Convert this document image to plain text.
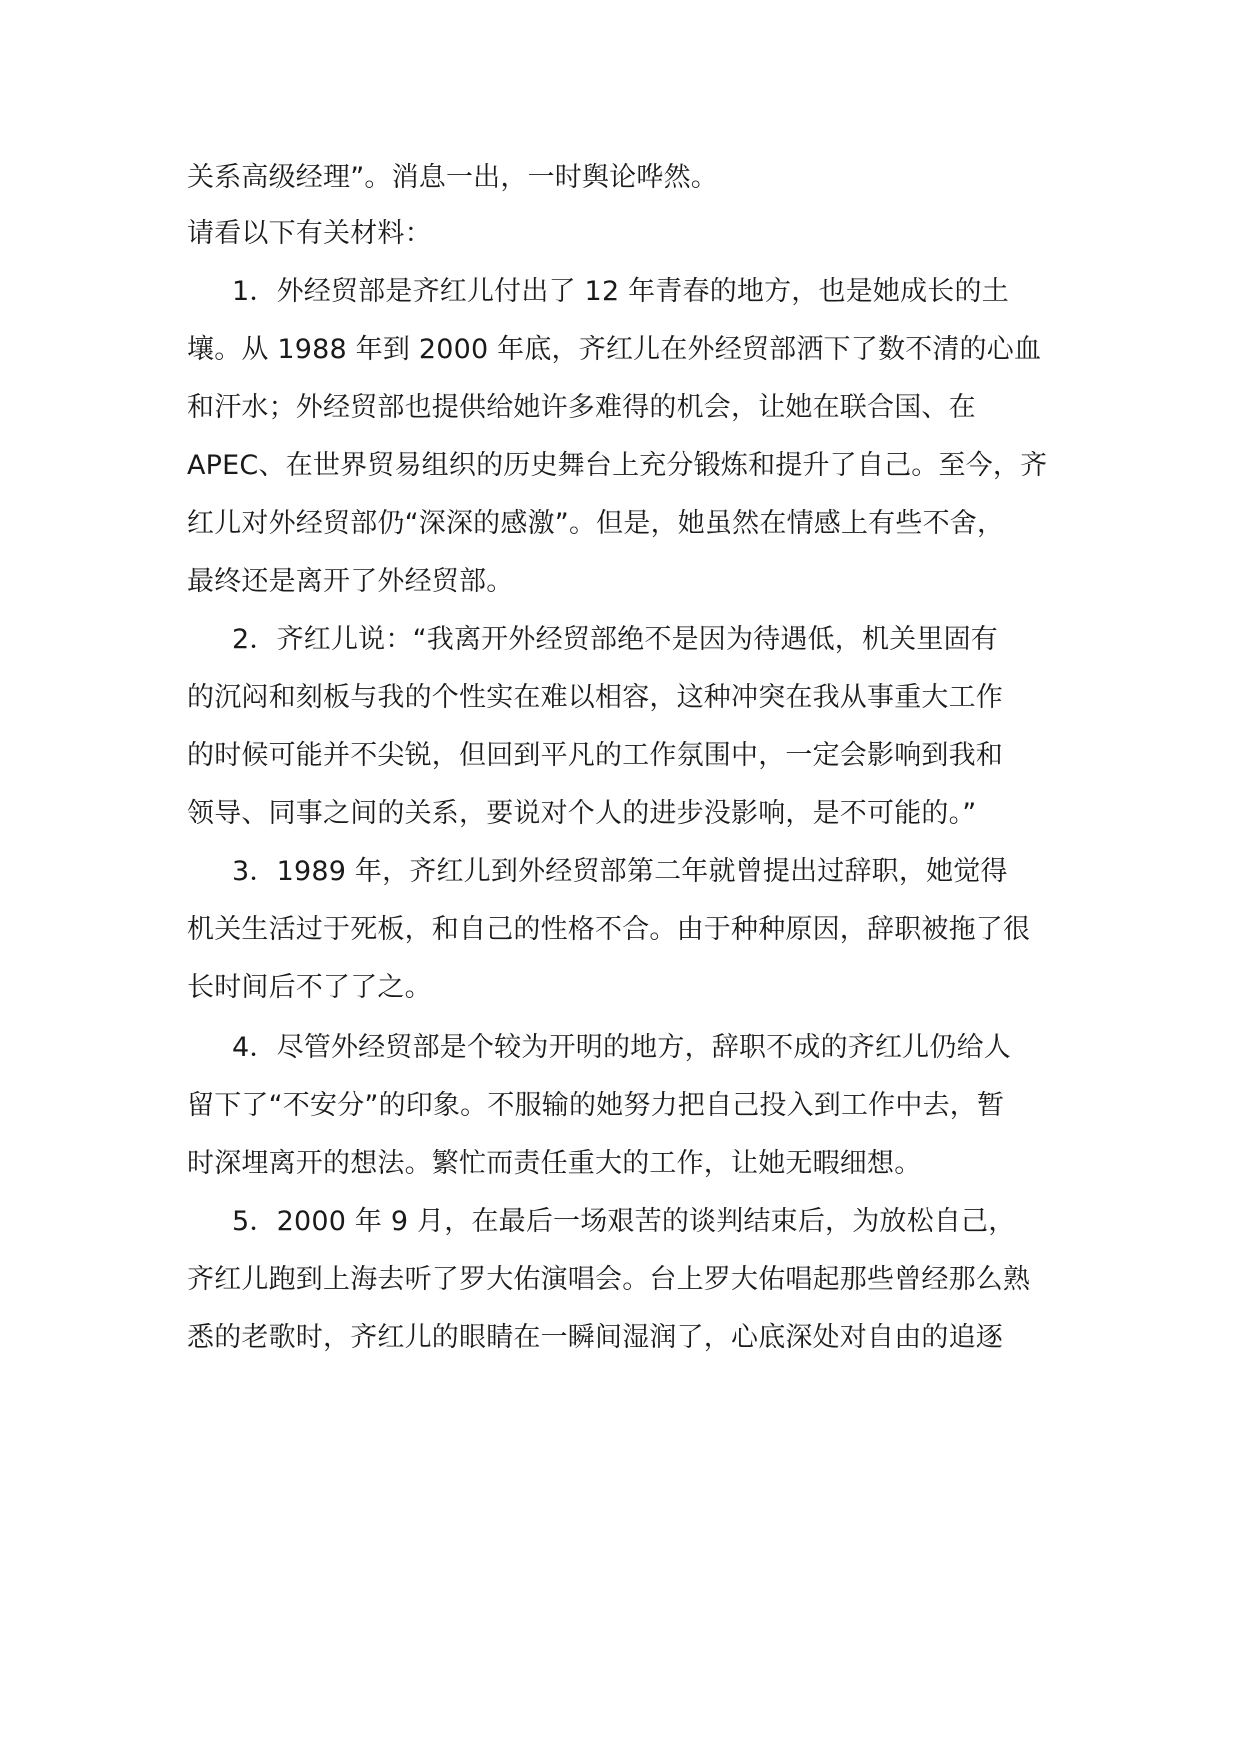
关系高级经理”。消息一出，一时舆论哗然。
请看以下有关材料：
1．外经贸部是齐红儿付出了 12 年青春的地方，也是她成长的土
壤。从 1988 年到 2000 年底，齐红儿在外经贸部洒下了数不清的心血
和汗水；外经贸部也提供给她许多难得的机会，让她在联合国、在
APEC、在世界贸易组织的历史舞台上充分锻炼和提升了自己。至今，齐
红儿对外经贸部仍“深深的感激”。但是，她虽然在情感上有些不舍，
最终还是离开了外经贸部。
2．齐红儿说：“我离开外经贸部绝不是因为待遇低，机关里固有
的沉闷和刻板与我的个性实在难以相容，这种冲突在我从事重大工作
的时候可能并不尖锐，但回到平凡的工作氛围中，一定会影响到我和
领导、同事之间的关系，要说对个人的进步没影响，是不可能的。”
3．1989 年，齐红儿到外经贸部第二年就曾提出过辞职，她觉得
机关生活过于死板，和自己的性格不合。由于种种原因，辞职被拖了很
长时间后不了了之。
4．尽管外经贸部是个较为开明的地方，辞职不成的齐红儿仍给人
留下了“不安分”的印象。不服输的她努力把自己投入到工作中去，暂
时深埋离开的想法。繁忙而责任重大的工作，让她无暇细想。
5．2000 年 9 月，在最后一场艰苦的谈判结束后，为放松自己，
齐红儿跑到上海去听了罗大佑演唱会。台上罗大佑唱起那些曾经那么熟
悉的老歌时，齐红儿的眼睛在一瞬间湿润了，心底深处对自由的追逐
